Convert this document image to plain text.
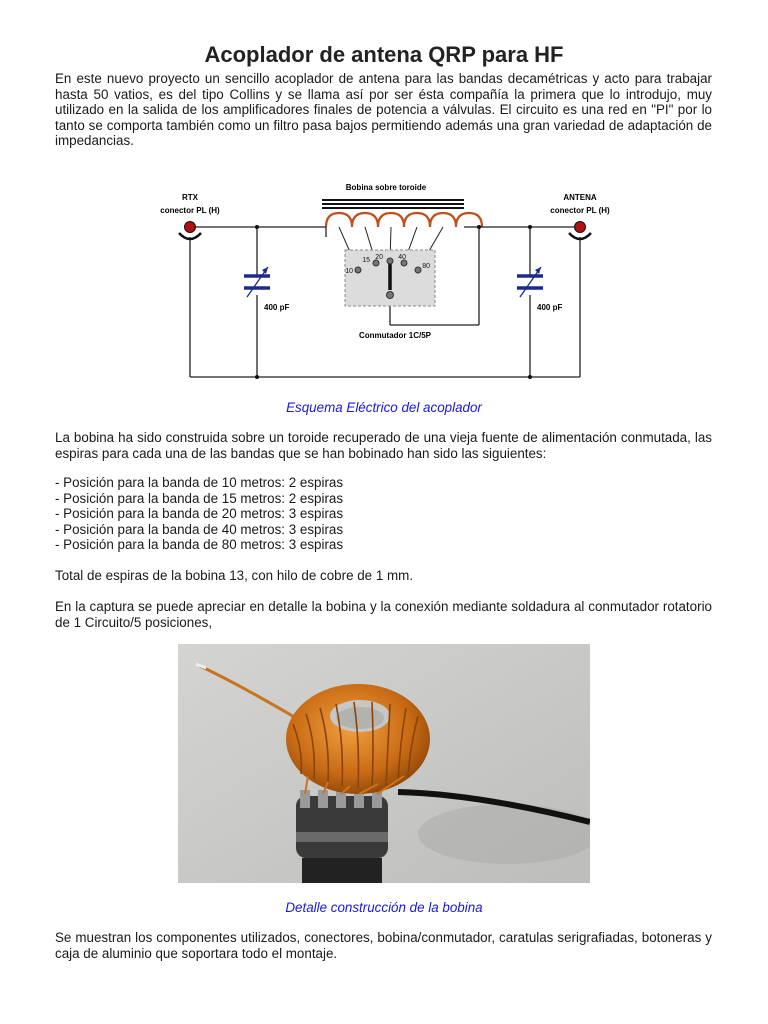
Acoplador de antena QRP para HF

En este nuevo proyecto un sencillo acoplador de antena para las bandas decamétricas y acto para trabajar hasta 50 vatios, es del tipo Collins y se llama así por ser ésta compañía la primera que lo introdujo, muy utilizado en la salida de los amplificadores finales de potencia a válvulas. El circuito es una red en "PI" por lo tanto se comporta también como un filtro pasa bajos permitiendo además una gran variedad de adaptación de impedancias.

RTX
conector PL (H)
ANTENA
conector PL (H)
Bobina sobre toroide
10
15 20 40
80
Conmutador 1C/5P
400 pF	400 pF

Esquema Eléctrico del acoplador

La bobina ha sido construida sobre un toroide recuperado de una vieja fuente de alimentación conmutada, las espiras para cada una de las bandas que se han bobinado han sido las siguientes:

- Posición para la banda de 10 metros: 2 espiras
- Posición para la banda de 15 metros: 2 espiras
- Posición para la banda de 20 metros: 3 espiras
- Posición para la banda de 40 metros: 3 espiras
- Posición para la banda de 80 metros: 3 espiras

Total de espiras de la bobina 13, con hilo de cobre de 1 mm.

En la captura se puede apreciar en detalle la bobina y la conexión mediante soldadura al conmutador rotatorio de 1 Circuito/5 posiciones,

Detalle construcción de la bobina

Se muestran los componentes utilizados, conectores, bobina/conmutador, caratulas serigrafiadas, botoneras y caja de aluminio que soportara todo el montaje.
